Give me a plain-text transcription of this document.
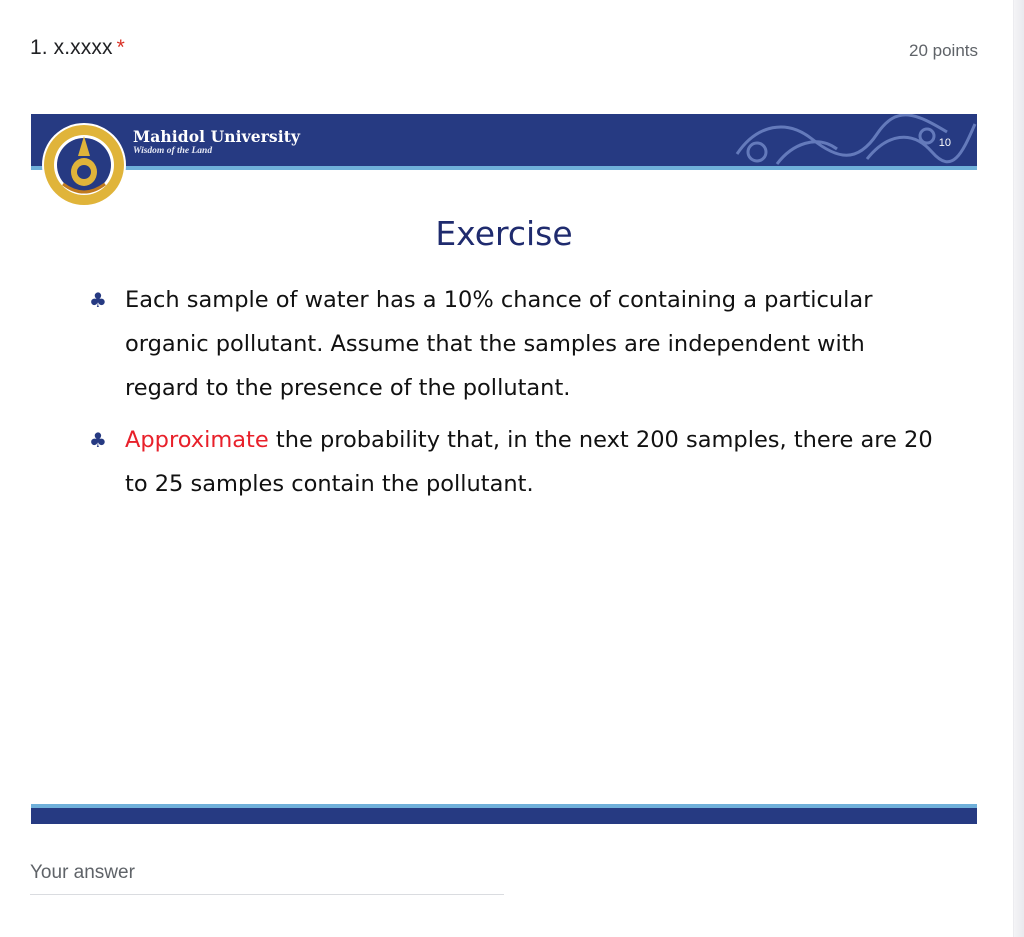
1. x.xxxx *	20 points
Mahidol University
Wisdom of the Land
10
Exercise
♣ Each sample of water has a 10% chance of containing a particular organic pollutant. Assume that the samples are independent with regard to the presence of the pollutant.
♣ Approximate the probability that, in the next 200 samples, there are 20 to 25 samples contain the pollutant.
Your answer
